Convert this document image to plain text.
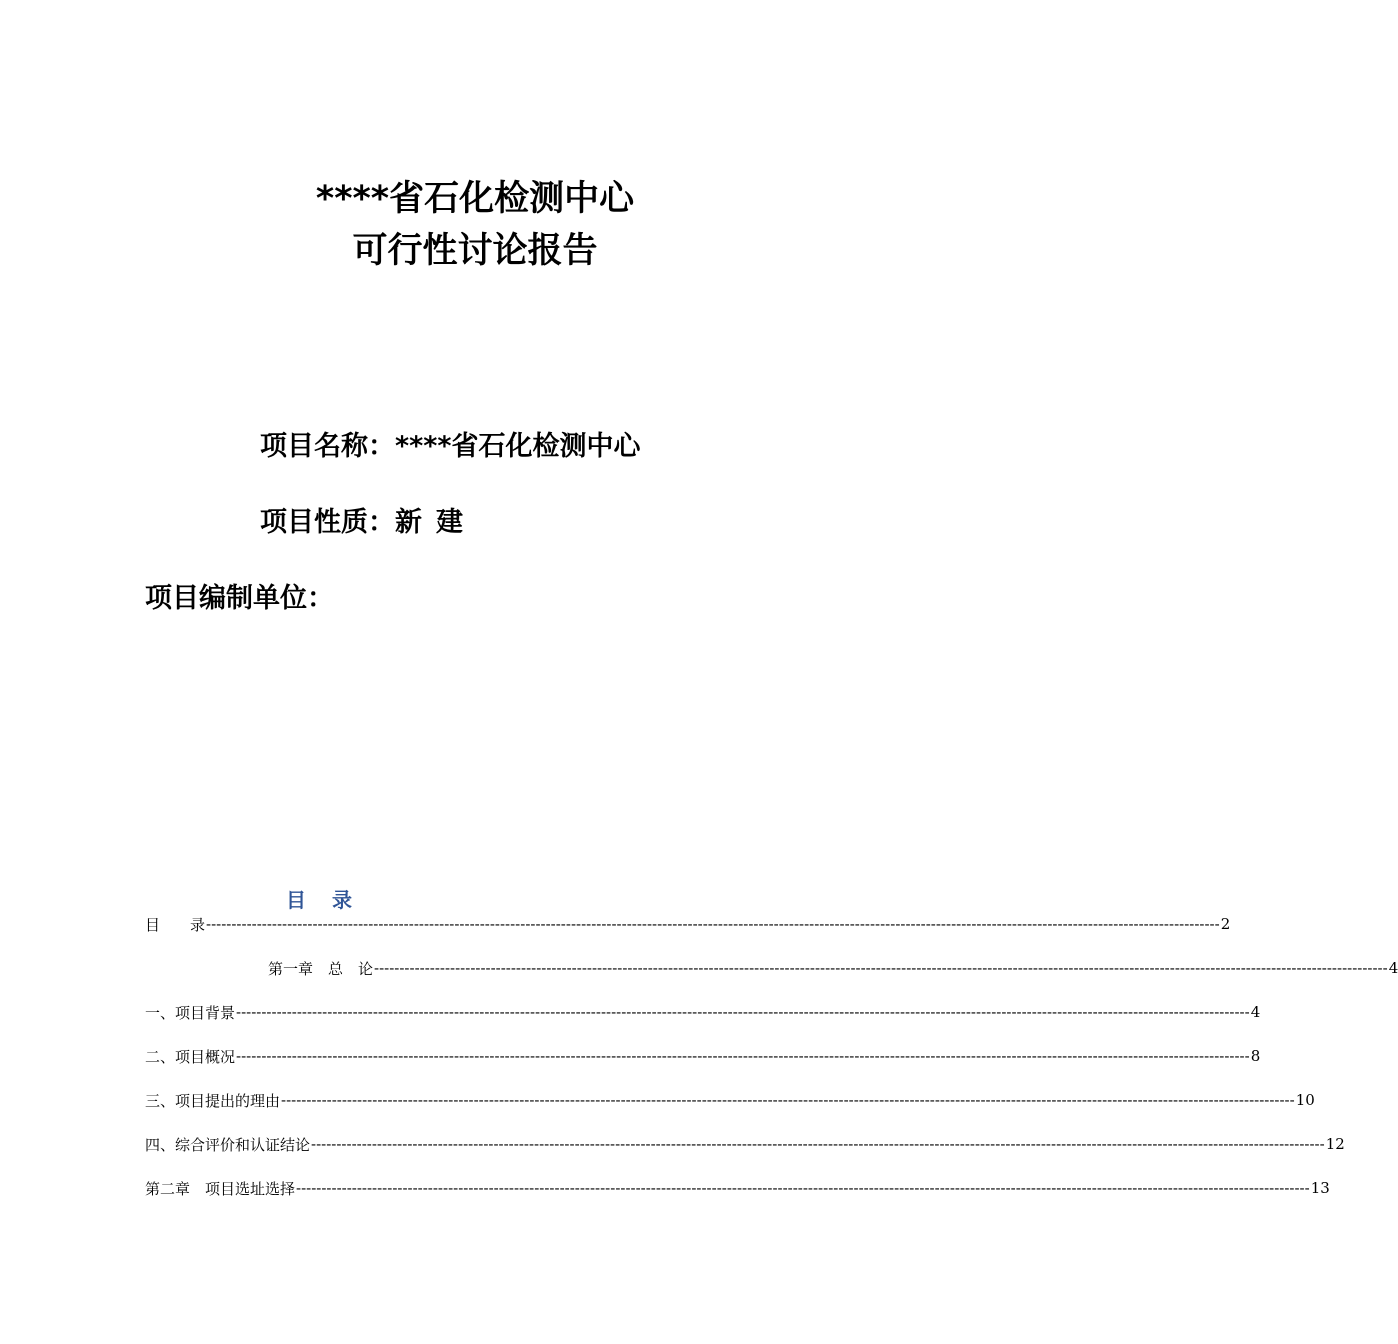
****省石化检测中心
可行性讨论报告
项目名称：****省石化检测中心
项目性质：新 建
项目编制单位：
目 录
目　　录 -------------------------------------------------------------------------------------------------------------------------------------------------------------------------------------------------------- 2
第一章　总　论 -------------------------------------------------------------------------------------------------------------------------------------------------------------------------------------------------------- 4
一、项目背景 -------------------------------------------------------------------------------------------------------------------------------------------------------------------------------------------------------- 4
二、项目概况 -------------------------------------------------------------------------------------------------------------------------------------------------------------------------------------------------------- 8
三、项目提出的理由 -------------------------------------------------------------------------------------------------------------------------------------------------------------------------------------------------------- 10
四、综合评价和认证结论 -------------------------------------------------------------------------------------------------------------------------------------------------------------------------------------------------------- 12
第二章　项目选址选择 -------------------------------------------------------------------------------------------------------------------------------------------------------------------------------------------------------- 13
